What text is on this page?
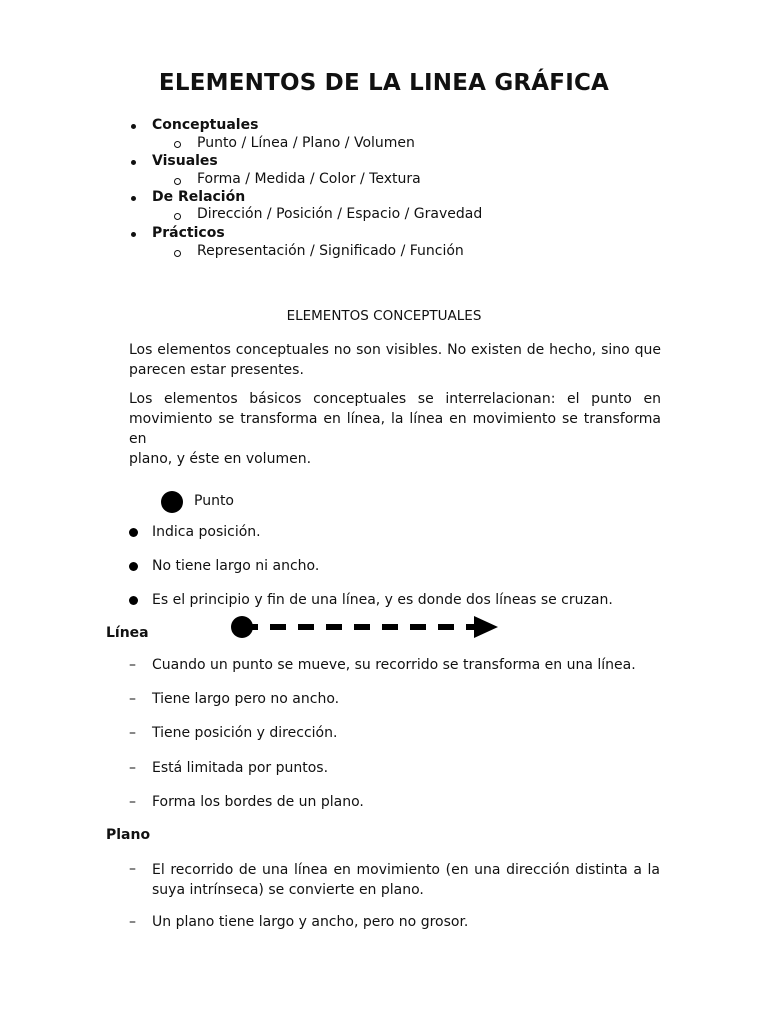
ELEMENTOS DE LA LINEA GRÁFICA
Conceptuales
Punto / Línea / Plano / Volumen
Visuales
Forma / Medida / Color / Textura
De Relación
Dirección / Posición / Espacio / Gravedad
Prácticos
Representación / Significado / Función
ELEMENTOS CONCEPTUALES
Los elementos conceptuales no son visibles. No existen de hecho, sino que
parecen estar presentes.
Los elementos básicos conceptuales se interrelacionan: el punto en
movimiento se transforma en línea, la línea en movimiento se transforma en
plano, y éste en volumen.
Punto
Indica posición.
No tiene largo ni ancho.
Es el principio y fin de una línea, y es donde dos líneas se cruzan.
Línea
– Cuando un punto se mueve, su recorrido se transforma en una línea.
– Tiene largo pero no ancho.
– Tiene posición y dirección.
– Está limitada por puntos.
– Forma los bordes de un plano.
Plano
– El recorrido de una línea en movimiento (en una dirección distinta a la
suya intrínseca) se convierte en plano.
– Un plano tiene largo y ancho, pero no grosor.
